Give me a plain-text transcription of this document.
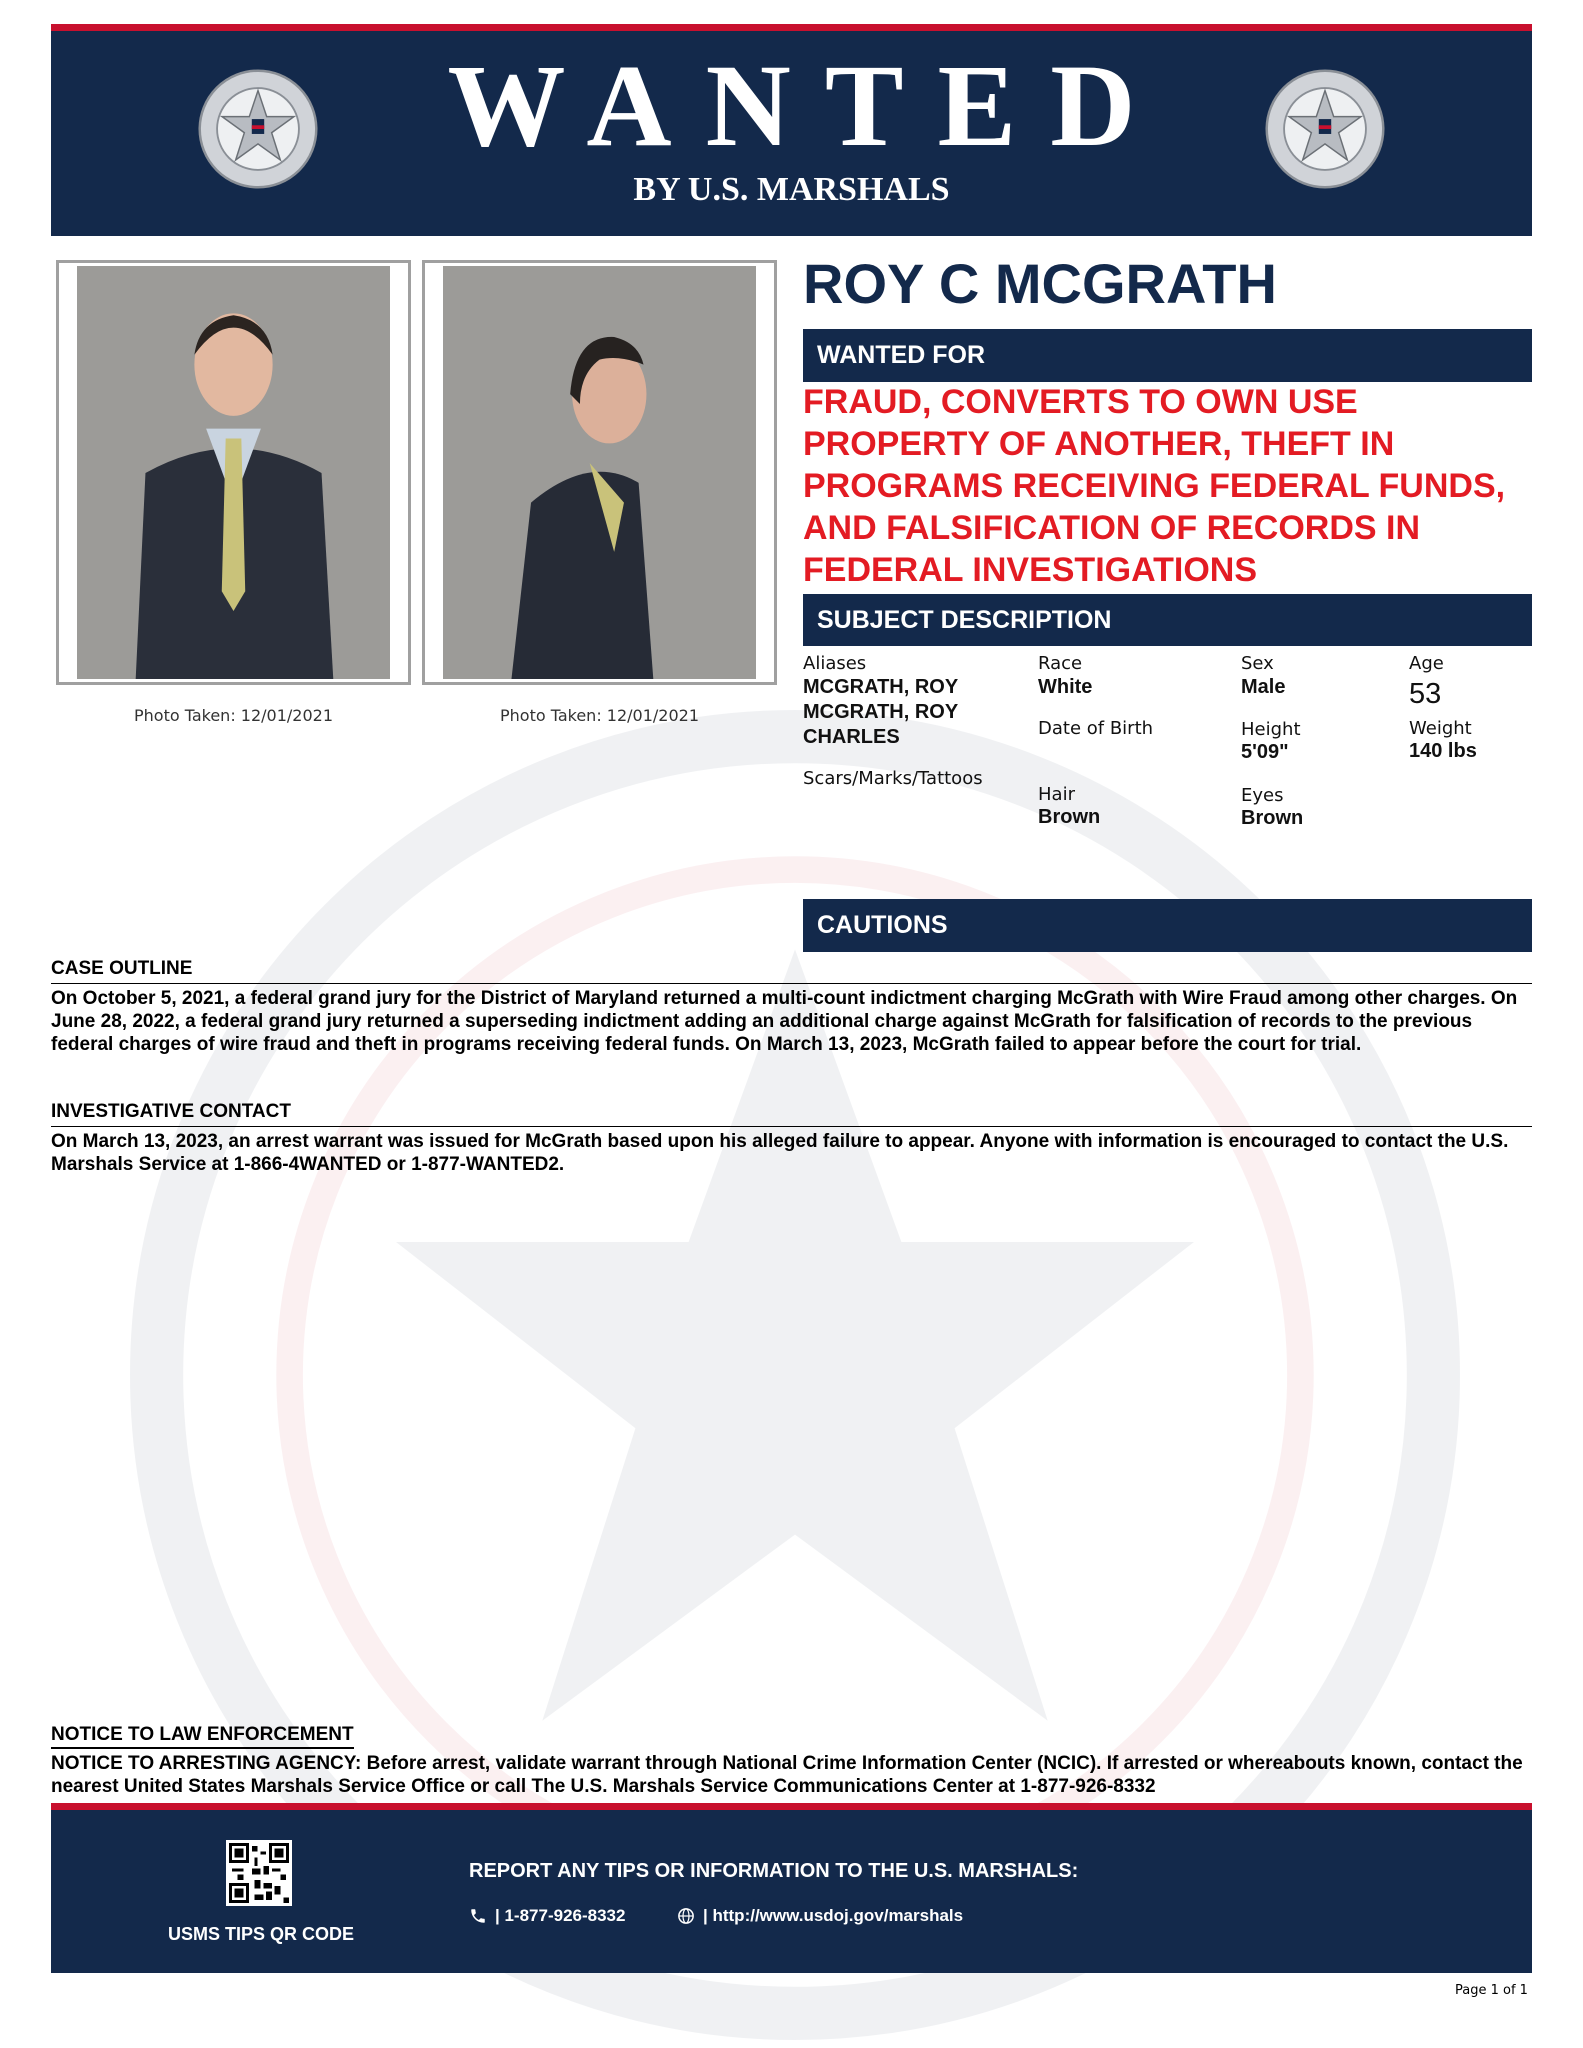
WANTED
BY U.S. MARSHALS
Photo Taken: 12/01/2021	Photo Taken: 12/01/2021
ROY C MCGRATH
WANTED FOR
FRAUD, CONVERTS TO OWN USE PROPERTY OF ANOTHER, THEFT IN PROGRAMS RECEIVING FEDERAL FUNDS, AND FALSIFICATION OF RECORDS IN FEDERAL INVESTIGATIONS
SUBJECT DESCRIPTION
Aliases
MCGRATH, ROY
MCGRATH, ROY CHARLES
Scars/Marks/Tattoos
Race
White
Date of Birth
Hair
Brown
Sex
Male
Height
5'09"
Eyes
Brown
Age
53
Weight
140 lbs
CAUTIONS
CASE OUTLINE
On October 5, 2021, a federal grand jury for the District of Maryland returned a multi-count indictment charging McGrath with Wire Fraud among other charges. On June 28, 2022, a federal grand jury returned a superseding indictment adding an additional charge against McGrath for falsification of records to the previous federal charges of wire fraud and theft in programs receiving federal funds. On March 13, 2023, McGrath failed to appear before the court for trial.
INVESTIGATIVE CONTACT
On March 13, 2023, an arrest warrant was issued for McGrath based upon his alleged failure to appear. Anyone with information is encouraged to contact the U.S. Marshals Service at 1-866-4WANTED or 1-877-WANTED2.
NOTICE TO LAW ENFORCEMENT
NOTICE TO ARRESTING AGENCY: Before arrest, validate warrant through National Crime Information Center (NCIC). If arrested or whereabouts known, contact the nearest United States Marshals Service Office or call The U.S. Marshals Service Communications Center at 1-877-926-8332
USMS TIPS QR CODE
REPORT ANY TIPS OR INFORMATION TO THE U.S. MARSHALS:
| 1-877-926-8332	| http://www.usdoj.gov/marshals
Page 1 of 1
